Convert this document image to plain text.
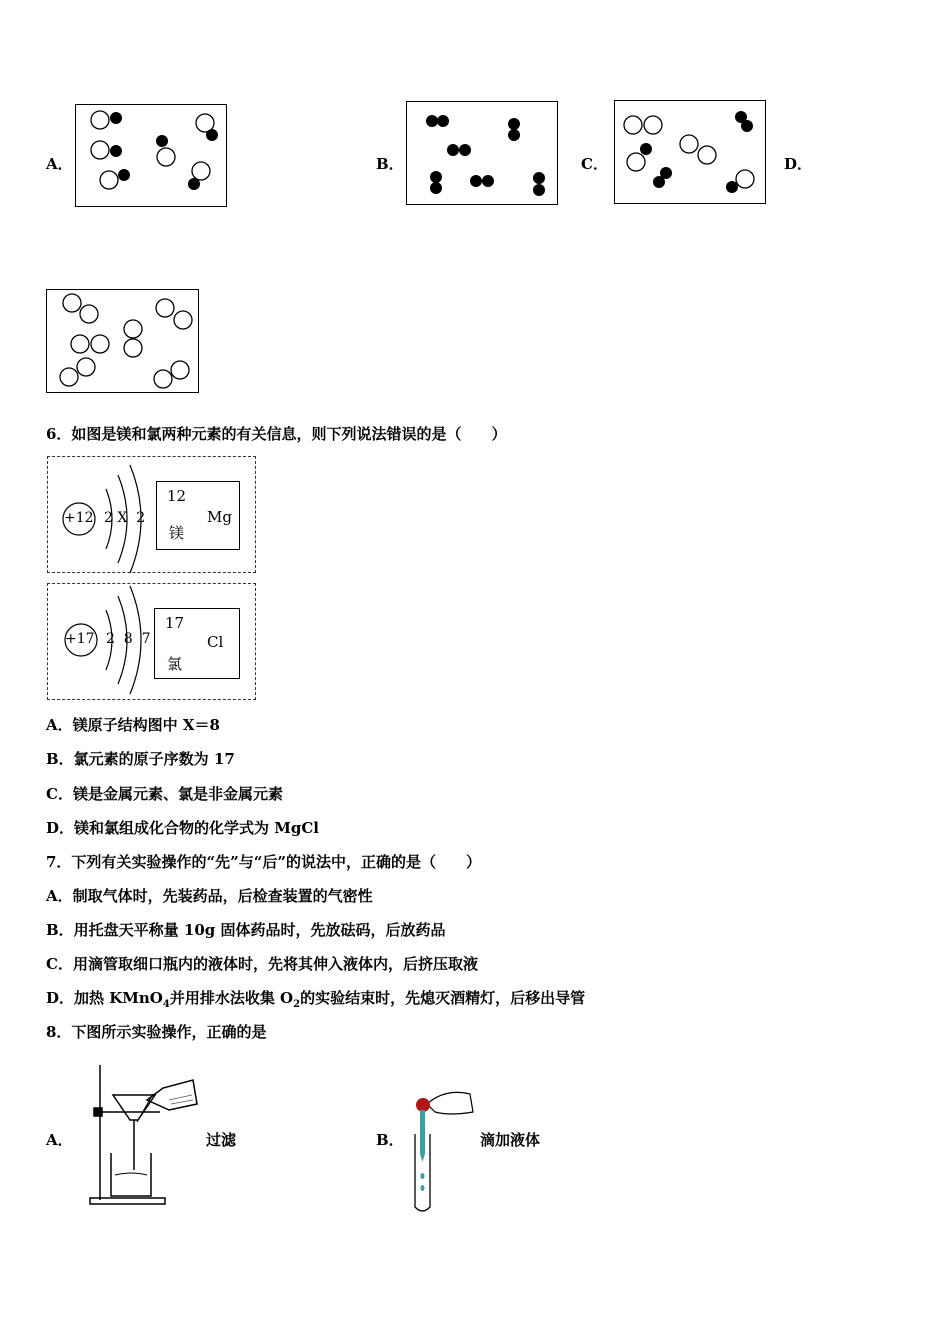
A．	B．	C．	D．
6．如图是镁和氯两种元素的有关信息，则下列说法错误的是（　　）
+12 2 X  2
12
Mg
镁
+17 2  8  7
17
Cl
氯
A．镁原子结构图中 X＝8
B．氯元素的原子序数为 17
C．镁是金属元素、氯是非金属元素
D．镁和氯组成化合物的化学式为 MgCl
7．下列有关实验操作的“先”与“后”的说法中，正确的是（　　）
A．制取气体时，先装药品，后检查装置的气密性
B．用托盘天平称量 10g 固体药品时，先放砝码，后放药品
C．用滴管取细口瓶内的液体时，先将其伸入液体内，后挤压取液
D．加热 KMnO$_4$并用排水法收集 $O_2$的实验结束时，先熄灭酒精灯，后移出导管
8．下图所示实验操作，正确的是
A．	过滤	B．	滴加液体
